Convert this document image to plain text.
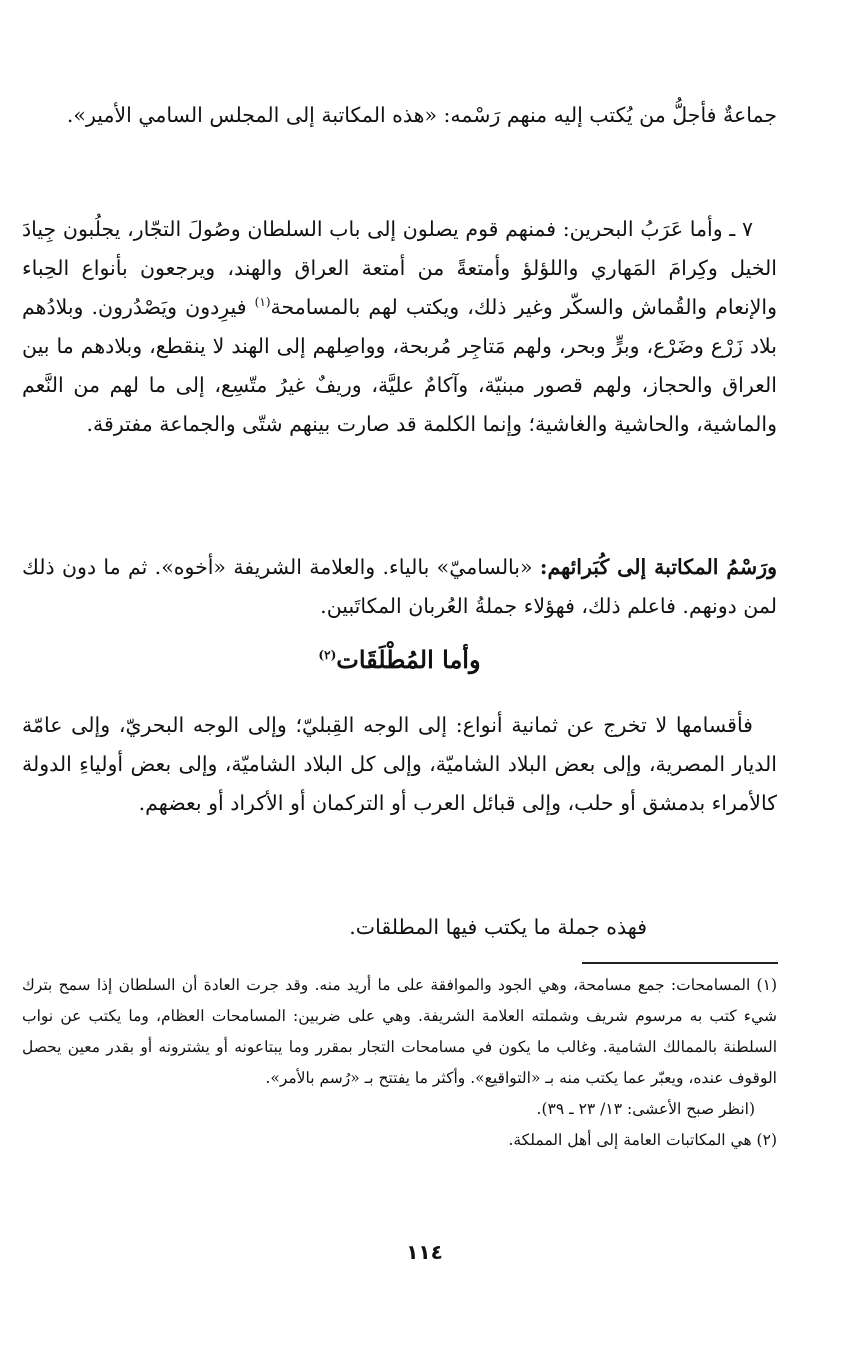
جماعةٌ فأجلُّ من يُكتب إليه منهم رَسْمه: «هذه المكاتبة إلى المجلس السامي الأمير».

٧ ـ وأما عَرَبُ البحرين: فمنهم قوم يصلون إلى باب السلطان وصُولَ التجّار، يجلُبون جِيادَ الخيل وكِرامَ المَهاري واللؤلؤ وأمتعةً من أمتعة العراق والهند، ويرجعون بأنواع الحِباء والإنعام والقُماش والسكّر وغير ذلك، ويكتب لهم بالمسامحة$^{(١)}$ فيرِدون ويَصْدُرون. وبلادُهم بلاد زَرْع وضَرْع، وبرٍّ وبحر، ولهم مَتاجِر مُربحة، وواصِلهم إلى الهند لا ينقطع، وبلادهم ما بين العراق والحجاز، ولهم قصور مبنيّة، وآكامٌ عليَّة، وريفٌ غيرُ متّسِع، إلى ما لهم من النَّعم والماشية، والحاشية والغاشية؛ وإنما الكلمة قد صارت بينهم شتّى والجماعة مفترقة.

ورَسْمُ المكاتبة إلى كُبَرائهم: «بالساميّ» بالياء. والعلامة الشريفة «أخوه». ثم ما دون ذلك لمن دونهم. فاعلم ذلك، فهؤلاء جملةُ العُربان المكاتَبين.

وأما المُطْلَقَات$^{(٢)}$

فأقسامها لا تخرج عن ثمانية أنواع: إلى الوجه القِبليّ؛ وإلى الوجه البحريّ، وإلى عامّة الديار المصرية، وإلى بعض البلاد الشاميّة، وإلى كل البلاد الشاميّة، وإلى بعض أولياءِ الدولة كالأمراء بدمشق أو حلب، وإلى قبائل العرب أو التركمان أو الأكراد أو بعضهم.

فهذه جملة ما يكتب فيها المطلقات.

(١) المسامحات: جمع مسامحة، وهي الجود والموافقة على ما أريد منه. وقد جرت العادة أن السلطان إذا سمح بترك شيء كتب به مرسوم شريف وشملته العلامة الشريفة. وهي على ضربين: المسامحات العظام، وما يكتب عن نواب السلطنة بالممالك الشامية. وغالب ما يكون في مسامحات التجار بمقرر وما يبتاعونه أو يشترونه أو بقدر معين يحصل الوقوف عنده، ويعبّر عما يكتب منه بـ «التواقيع». وأكثر ما يفتتح بـ «رُسم بالأمر».

(انظر صبح الأعشى: ١٣/ ٢٣ ـ ٣٩).

(٢) هي المكاتبات العامة إلى أهل المملكة.

١١٤
